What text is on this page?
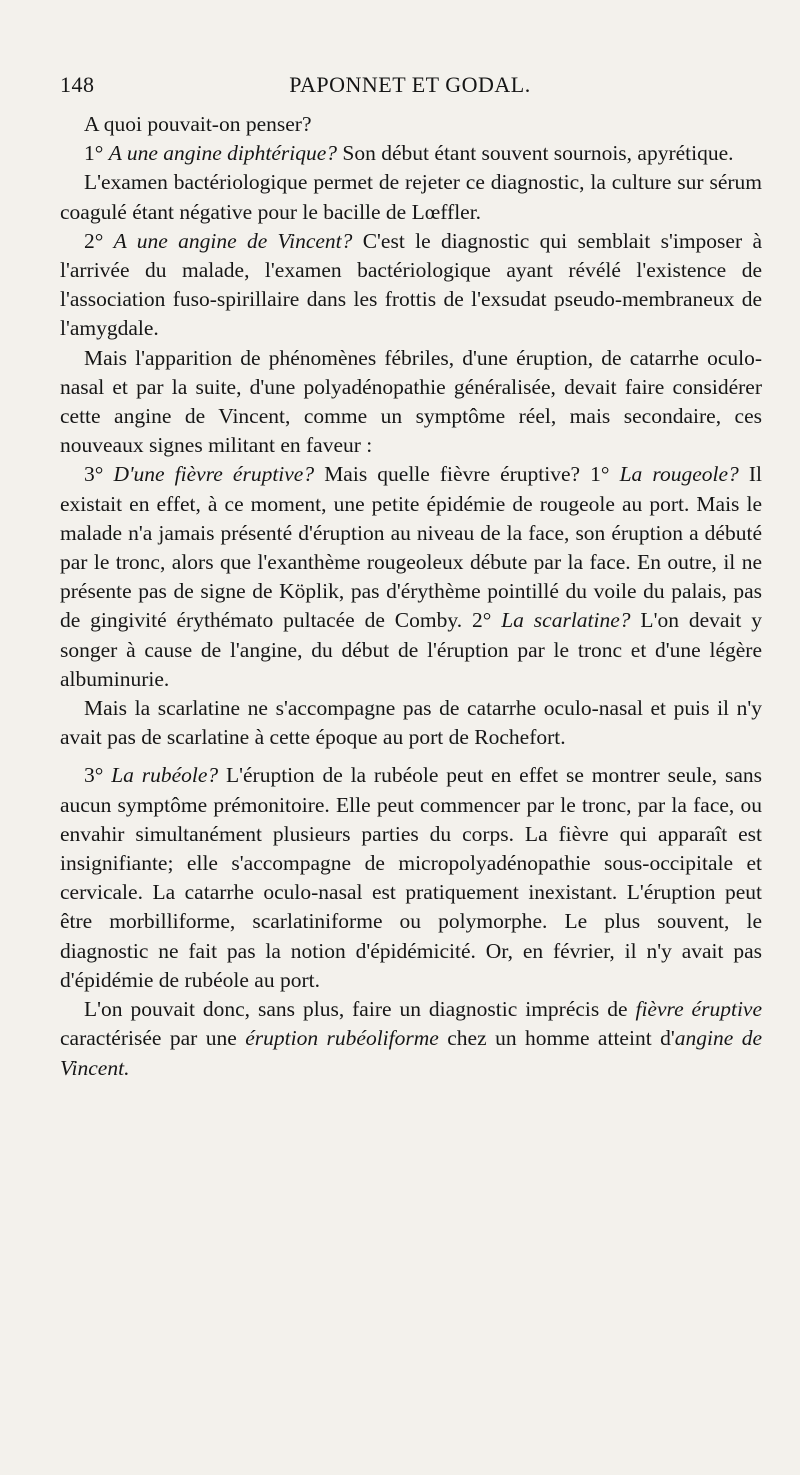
148	PAPONNET ET GODAL.

A quoi pouvait-on penser?

1° A une angine diphtérique? Son début étant souvent sournois, apyrétique.

L'examen bactériologique permet de rejeter ce diagnostic, la culture sur sérum coagulé étant négative pour le bacille de Lœffler.

2° A une angine de Vincent? C'est le diagnostic qui semblait s'imposer à l'arrivée du malade, l'examen bactériologique ayant révélé l'existence de l'association fuso-spirillaire dans les frottis de l'exsudat pseudo-membraneux de l'amygdale.

Mais l'apparition de phénomènes fébriles, d'une éruption, de catarrhe oculo-nasal et par la suite, d'une polyadénopathie généralisée, devait faire considérer cette angine de Vincent, comme un symptôme réel, mais secondaire, ces nouveaux signes militant en faveur :

3° D'une fièvre éruptive? Mais quelle fièvre éruptive? 1° La rougeole? Il existait en effet, à ce moment, une petite épidémie de rougeole au port. Mais le malade n'a jamais présenté d'éruption au niveau de la face, son éruption a débuté par le tronc, alors que l'exanthème rougeoleux débute par la face. En outre, il ne présente pas de signe de Köplik, pas d'érythème pointillé du voile du palais, pas de gingivité érythémato pultacée de Comby. 2° La scarlatine? L'on devait y songer à cause de l'angine, du début de l'éruption par le tronc et d'une légère albuminurie.

Mais la scarlatine ne s'accompagne pas de catarrhe oculo-nasal et puis il n'y avait pas de scarlatine à cette époque au port de Rochefort.

3° La rubéole? L'éruption de la rubéole peut en effet se montrer seule, sans aucun symptôme prémonitoire. Elle peut commencer par le tronc, par la face, ou envahir simultanément plusieurs parties du corps. La fièvre qui apparaît est insignifiante; elle s'accompagne de micropolyadénopathie sous-occipitale et cervicale. La catarrhe oculo-nasal est pratiquement inexistant. L'éruption peut être morbilliforme, scarlatiniforme ou polymorphe. Le plus souvent, le diagnostic ne fait pas la notion d'épidémicité. Or, en février, il n'y avait pas d'épidémie de rubéole au port.

L'on pouvait donc, sans plus, faire un diagnostic imprécis de fièvre éruptive caractérisée par une éruption rubéoliforme chez un homme atteint d'angine de Vincent.
